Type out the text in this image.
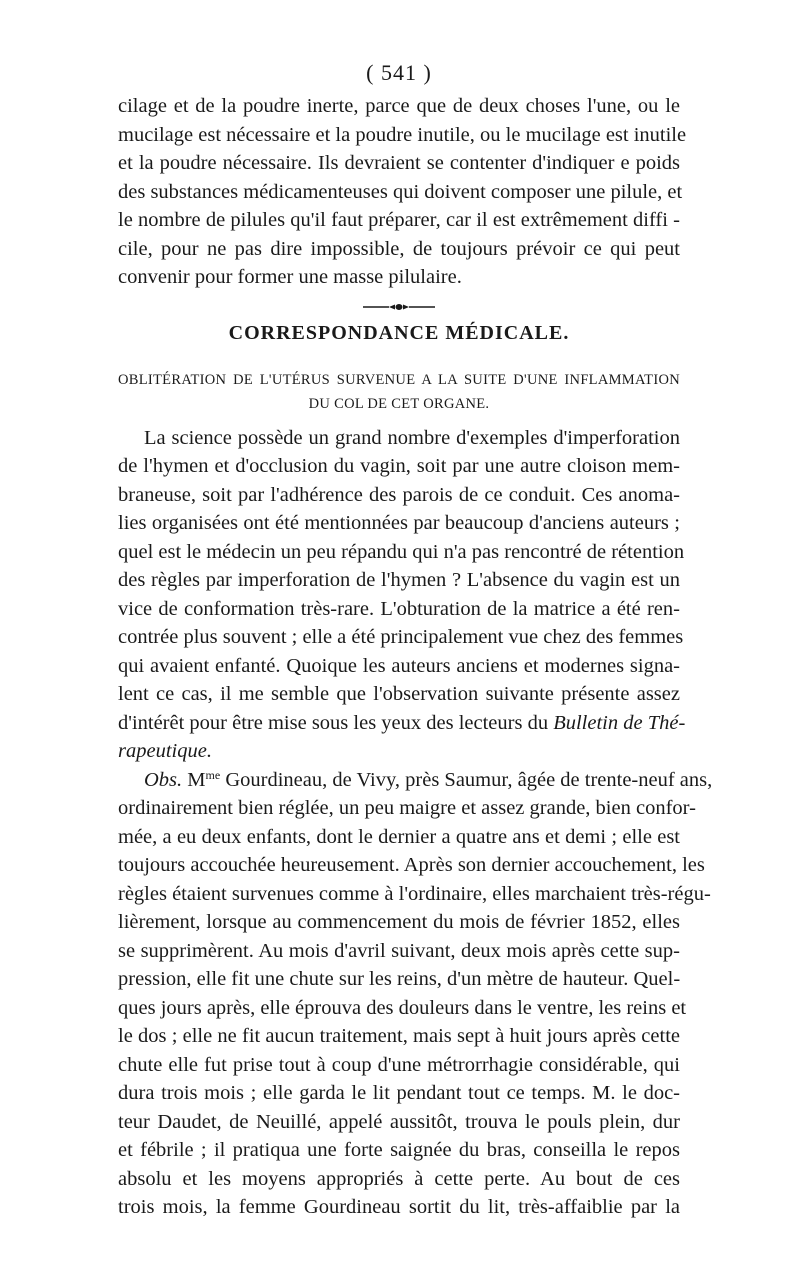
( 541 )
cilage et de la poudre inerte, parce que de deux choses l'une, ou le
mucilage est nécessaire et la poudre inutile, ou le mucilage est inutile
et la poudre nécessaire. Ils devraient se contenter d'indiquer e poids
des substances médicamenteuses qui doivent composer une pilule, et
le nombre de pilules qu'il faut préparer, car il est extrêmement diffi -
cile, pour ne pas dire impossible, de toujours prévoir ce qui peut
convenir pour former une masse pilulaire.
CORRESPONDANCE MÉDICALE.
OBLITÉRATION DE L'UTÉRUS SURVENUE A LA SUITE D'UNE INFLAMMATION
DU COL DE CET ORGANE.
La science possède un grand nombre d'exemples d'imperforation
de l'hymen et d'occlusion du vagin, soit par une autre cloison mem-
braneuse, soit par l'adhérence des parois de ce conduit. Ces anoma-
lies organisées ont été mentionnées par beaucoup d'anciens auteurs ;
quel est le médecin un peu répandu qui n'a pas rencontré de rétention
des règles par imperforation de l'hymen ? L'absence du vagin est un
vice de conformation très-rare. L'obturation de la matrice a été ren-
contrée plus souvent ; elle a été principalement vue chez des femmes
qui avaient enfanté. Quoique les auteurs anciens et modernes signa-
lent ce cas, il me semble que l'observation suivante présente assez
d'intérêt pour être mise sous les yeux des lecteurs du Bulletin de Thé-
rapeutique.
Obs. $M^{me}$ Gourdineau, de Vivy, près Saumur, âgée de trente-neuf ans,
ordinairement bien réglée, un peu maigre et assez grande, bien confor-
mée, a eu deux enfants, dont le dernier a quatre ans et demi ; elle est
toujours accouchée heureusement. Après son dernier accouchement, les
règles étaient survenues comme à l'ordinaire, elles marchaient très-régu-
lièrement, lorsque au commencement du mois de février 1852, elles
se supprimèrent. Au mois d'avril suivant, deux mois après cette sup-
pression, elle fit une chute sur les reins, d'un mètre de hauteur. Quel-
ques jours après, elle éprouva des douleurs dans le ventre, les reins et
le dos ; elle ne fit aucun traitement, mais sept à huit jours après cette
chute elle fut prise tout à coup d'une métrorrhagie considérable, qui
dura trois mois ; elle garda le lit pendant tout ce temps. M. le doc-
teur Daudet, de Neuillé, appelé aussitôt, trouva le pouls plein, dur
et fébrile ; il pratiqua une forte saignée du bras, conseilla le repos
absolu et les moyens appropriés à cette perte. Au bout de ces
trois mois, la femme Gourdineau sortit du lit, très-affaiblie par la
